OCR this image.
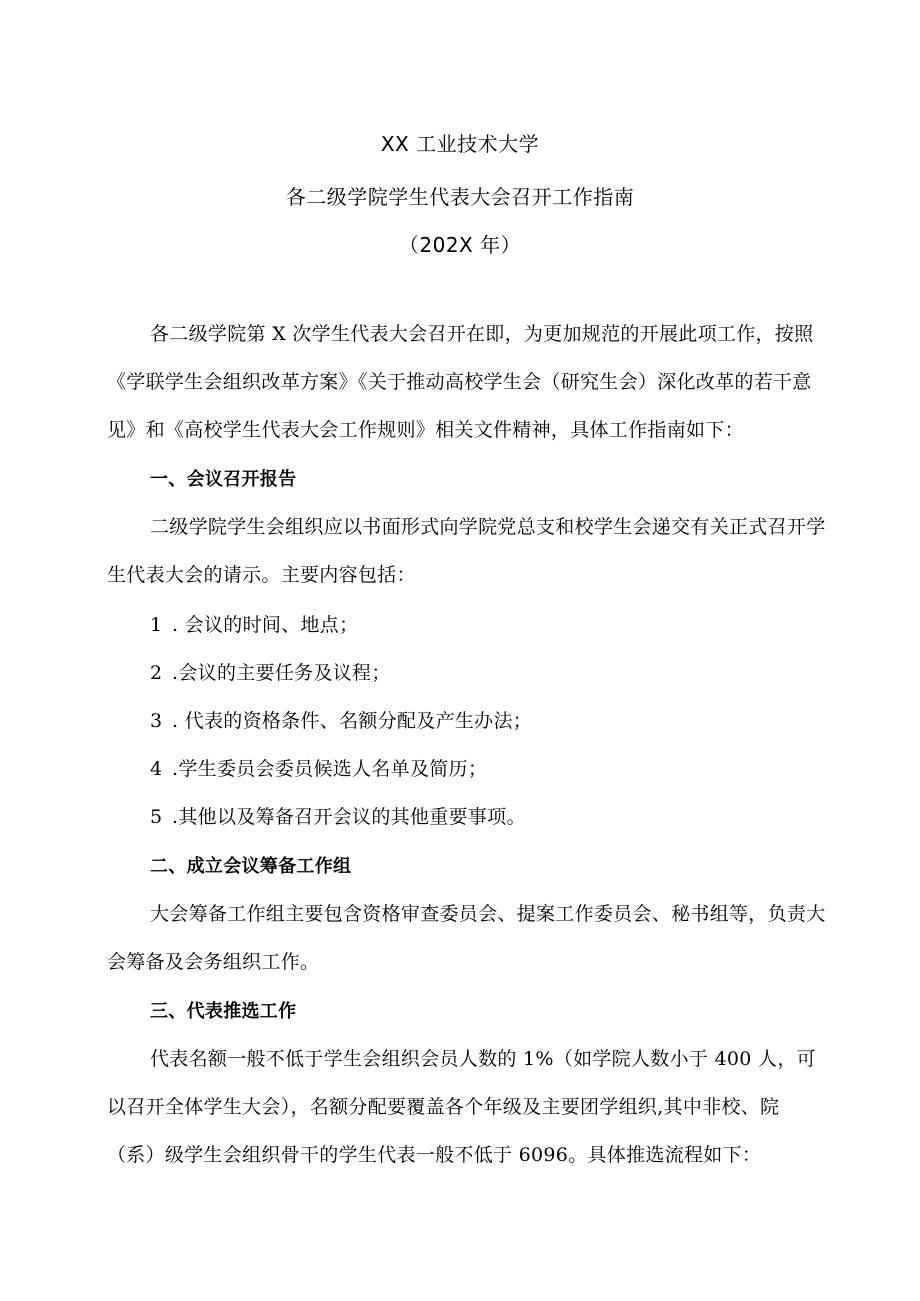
XX 工业技术大学
各二级学院学生代表大会召开工作指南
（202X 年）

各二级学院第 X 次学生代表大会召开在即，为更加规范的开展此项工作，按照《学联学生会组织改革方案》《关于推动高校学生会（研究生会）深化改革的若干意见》和《高校学生代表大会工作规则》相关文件精神，具体工作指南如下：

一、会议召开报告

二级学院学生会组织应以书面形式向学院党总支和校学生会递交有关正式召开学生代表大会的请示。主要内容包括：

1 . 会议的时间、地点；
2 .会议的主要任务及议程；
3 . 代表的资格条件、名额分配及产生办法；
4 .学生委员会委员候选人名单及简历；
5 .其他以及筹备召开会议的其他重要事项。
二、成立会议筹备工作组

大会筹备工作组主要包含资格审查委员会、提案工作委员会、秘书组等，负责大会筹备及会务组织工作。

三、代表推选工作

代表名额一般不低于学生会组织会员人数的 1%（如学院人数小于 400 人，可以召开全体学生大会），名额分配要覆盖各个年级及主要团学组织,其中非校、院（系）级学生会组织骨干的学生代表一般不低于 6096。具体推选流程如下：
